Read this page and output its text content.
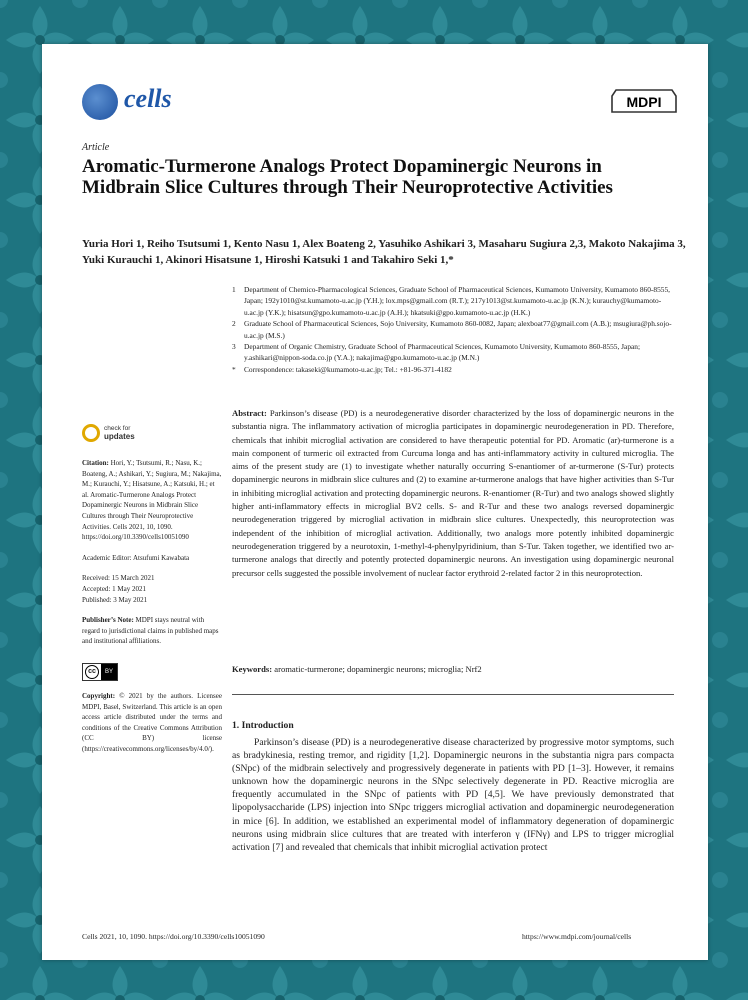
cells	MDPI
Article
Aromatic-Turmerone Analogs Protect Dopaminergic Neurons in Midbrain Slice Cultures through Their Neuroprotective Activities
Yuria Hori 1, Reiho Tsutsumi 1, Kento Nasu 1, Alex Boateng 2, Yasuhiko Ashikari 3, Masaharu Sugiura 2,3, Makoto Nakajima 3, Yuki Kurauchi 1, Akinori Hisatsune 1, Hiroshi Katsuki 1 and Takahiro Seki 1,*
1	Department of Chemico-Pharmacological Sciences, Graduate School of Pharmaceutical Sciences, Kumamoto University, Kumamoto 860-8555, Japan; 192y1010@st.kumamoto-u.ac.jp (Y.H.); lox.mps@gmail.com (R.T.); 217y1013@st.kumamoto-u.ac.jp (K.N.); kurauchy@kumamoto-u.ac.jp (Y.K.); hisatsun@gpo.kumamoto-u.ac.jp (A.H.); hkatsuki@gpo.kumamoto-u.ac.jp (H.K.)
2	Graduate School of Pharmaceutical Sciences, Sojo University, Kumamoto 860-0082, Japan; alexboat77@gmail.com (A.B.); msugiura@ph.sojo-u.ac.jp (M.S.)
3	Department of Organic Chemistry, Graduate School of Pharmaceutical Sciences, Kumamoto University, Kumamoto 860-8555, Japan; y.ashikari@nippon-soda.co.jp (Y.A.); nakajima@gpo.kumamoto-u.ac.jp (M.N.)
*	Correspondence: takaseki@kumamoto-u.ac.jp; Tel.: +81-96-371-4182
check for
updates
Citation: Hori, Y.; Tsutsumi, R.; Nasu, K.; Boateng, A.; Ashikari, Y.; Sugiura, M.; Nakajima, M.; Kurauchi, Y.; Hisatsune, A.; Katsuki, H.; et al. Aromatic-Turmerone Analogs Protect Dopaminergic Neurons in Midbrain Slice Cultures through Their Neuroprotective Activities. Cells 2021, 10, 1090. https://doi.org/10.3390/cells10051090
Academic Editor: Atsufumi Kawabata
Received: 15 March 2021
Accepted: 1 May 2021
Published: 3 May 2021
Publisher’s Note: MDPI stays neutral with regard to jurisdictional claims in published maps and institutional affiliations.
cc	BY
Copyright: © 2021 by the authors. Licensee MDPI, Basel, Switzerland. This article is an open access article distributed under the terms and conditions of the Creative Commons Attribution (CC BY) license (https://creativecommons.org/licenses/by/4.0/).
Abstract: Parkinson’s disease (PD) is a neurodegenerative disorder characterized by the loss of dopaminergic neurons in the substantia nigra. The inflammatory activation of microglia participates in dopaminergic neurodegeneration in PD. Therefore, chemicals that inhibit microglial activation are considered to have therapeutic potential for PD. Aromatic (ar)-turmerone is a main component of turmeric oil extracted from Curcuma longa and has anti-inflammatory activity in cultured microglia. The aims of the present study are (1) to investigate whether naturally occurring S-enantiomer of ar-turmerone (S-Tur) protects dopaminergic neurons in midbrain slice cultures and (2) to examine ar-turmerone analogs that have higher activities than S-Tur in inhibiting microglial activation and protecting dopaminergic neurons. R-enantiomer (R-Tur) and two analogs showed slightly higher anti-inflammatory effects in microglial BV2 cells. S- and R-Tur and these two analogs reversed dopaminergic neurodegeneration triggered by microglial activation in midbrain slice cultures. Unexpectedly, this neuroprotection was independent of the inhibition of microglial activation. Additionally, two analogs more potently inhibited dopaminergic neurodegeneration triggered by a neurotoxin, 1-methyl-4-phenylpyridinium, than S-Tur. Taken together, we identified two ar-turmerone analogs that directly and potently protected dopaminergic neurons. An investigation using dopaminergic neuronal precursor cells suggested the possible involvement of nuclear factor erythroid 2-related factor 2 in this neuroprotection.
Keywords: aromatic-turmerone; dopaminergic neurons; microglia; Nrf2
1. Introduction
Parkinson’s disease (PD) is a neurodegenerative disease characterized by progressive motor symptoms, such as bradykinesia, resting tremor, and rigidity [1,2]. Dopaminergic neurons in the substantia nigra pars compacta (SNpc) of the midbrain selectively and progressively degenerate in patients with PD [1–3]. However, it remains unknown how the dopaminergic neurons in the SNpc selectively degenerate in PD. Reactive microglia are frequently accumulated in the SNpc of patients with PD [4,5]. We have previously demonstrated that lipopolysaccharide (LPS) injection into SNpc triggers microglial activation and dopaminergic neurodegeneration in mice [6]. In addition, we established an experimental model of inflammatory degeneration of dopaminergic neurons using midbrain slice cultures that are treated with interferon γ (IFNγ) and LPS to trigger microglial activation [7] and revealed that chemicals that inhibit microglial activation protect
Cells 2021, 10, 1090. https://doi.org/10.3390/cells10051090	https://www.mdpi.com/journal/cells
